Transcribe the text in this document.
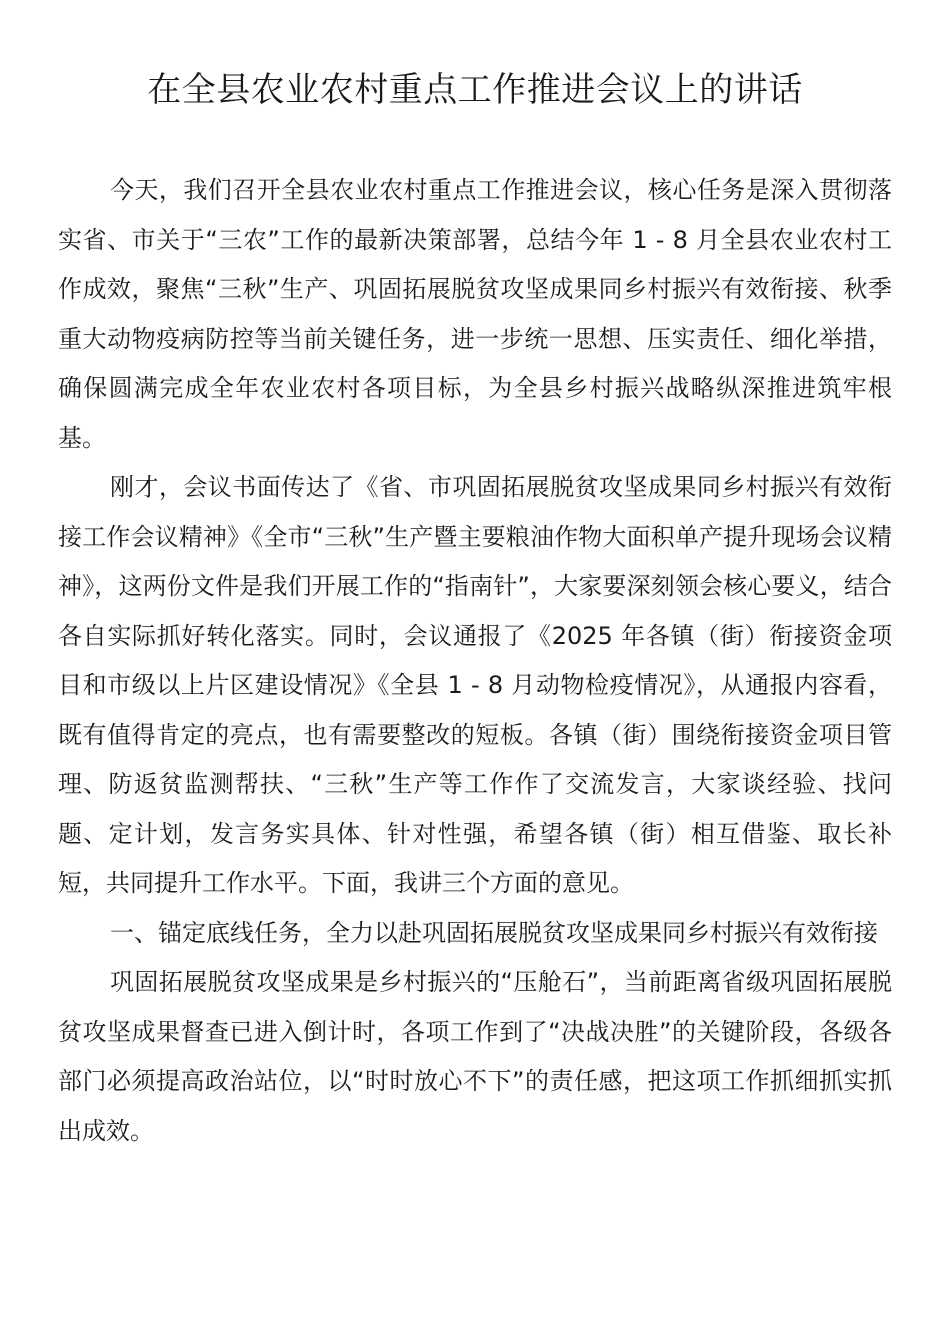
在全县农业农村重点工作推进会议上的讲话

今天，我们召开全县农业农村重点工作推进会议，核心任务是深入贯彻落实省、市关于“三农”工作的最新决策部署，总结今年 1 - 8 月全县农业农村工作成效，聚焦“三秋”生产、巩固拓展脱贫攻坚成果同乡村振兴有效衔接、秋季重大动物疫病防控等当前关键任务，进一步统一思想、压实责任、细化举措，确保圆满完成全年农业农村各项目标，为全县乡村振兴战略纵深推进筑牢根基。

刚才，会议书面传达了《省、市巩固拓展脱贫攻坚成果同乡村振兴有效衔接工作会议精神》《全市“三秋”生产暨主要粮油作物大面积单产提升现场会议精神》，这两份文件是我们开展工作的“指南针”，大家要深刻领会核心要义，结合各自实际抓好转化落实。同时，会议通报了《2025 年各镇（街）衔接资金项目和市级以上片区建设情况》《全县 1 - 8 月动物检疫情况》，从通报内容看，既有值得肯定的亮点，也有需要整改的短板。各镇（街）围绕衔接资金项目管理、防返贫监测帮扶、“三秋”生产等工作作了交流发言，大家谈经验、找问题、定计划，发言务实具体、针对性强，希望各镇（街）相互借鉴、取长补短，共同提升工作水平。下面，我讲三个方面的意见。

一、锚定底线任务，全力以赴巩固拓展脱贫攻坚成果同乡村振兴有效衔接

巩固拓展脱贫攻坚成果是乡村振兴的“压舱石”，当前距离省级巩固拓展脱贫攻坚成果督查已进入倒计时，各项工作到了“决战决胜”的关键阶段，各级各部门必须提高政治站位，以“时时放心不下”的责任感，把这项工作抓细抓实抓出成效。
